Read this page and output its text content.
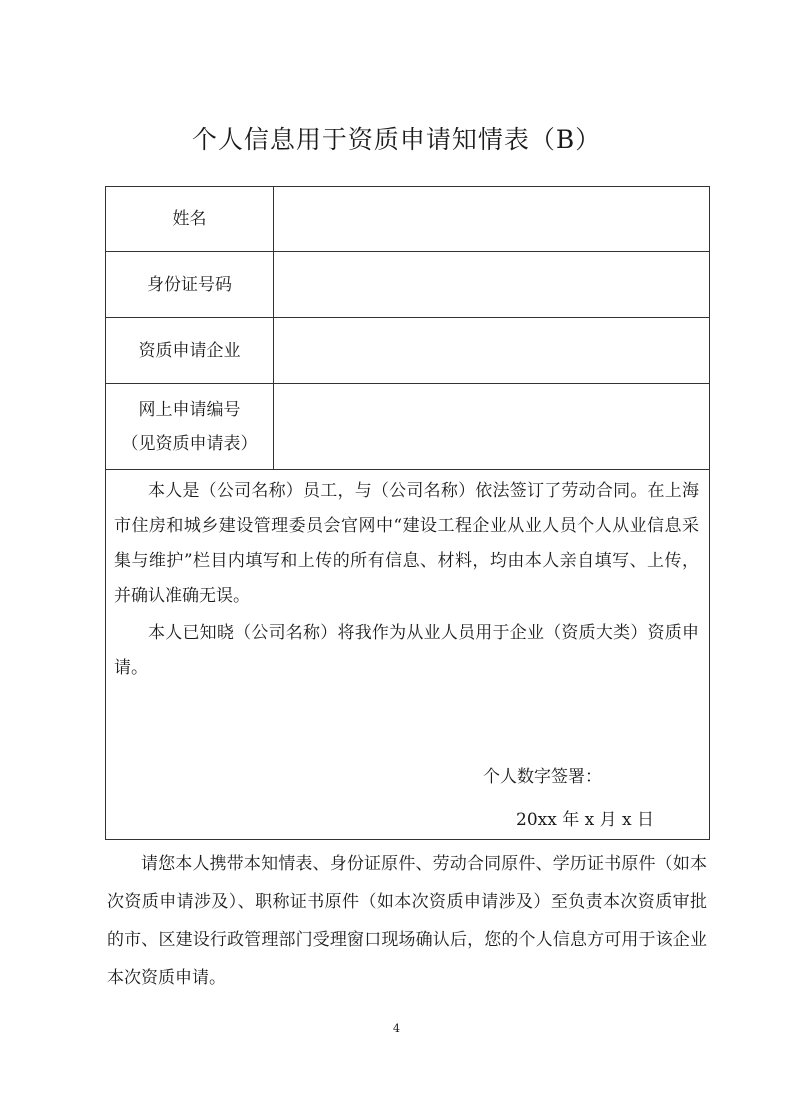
个人信息用于资质申请知情表（B）
姓名
身份证号码
资质申请企业
网上申请编号
（见资质申请表）

本人是（公司名称）员工，与（公司名称）依法签订了劳动合同。在上海市住房和城乡建设管理委员会官网中“建设工程企业从业人员个人从业信息采集与维护”栏目内填写和上传的所有信息、材料，均由本人亲自填写、上传，并确认准确无误。

本人已知晓（公司名称）将我作为从业人员用于企业（资质大类）资质申请。

个人数字签署：
20xx 年 x 月 x 日
请您本人携带本知情表、身份证原件、劳动合同原件、学历证书原件（如本次资质申请涉及）、职称证书原件（如本次资质申请涉及）至负责本次资质审批的市、区建设行政管理部门受理窗口现场确认后，您的个人信息方可用于该企业本次资质申请。
4
